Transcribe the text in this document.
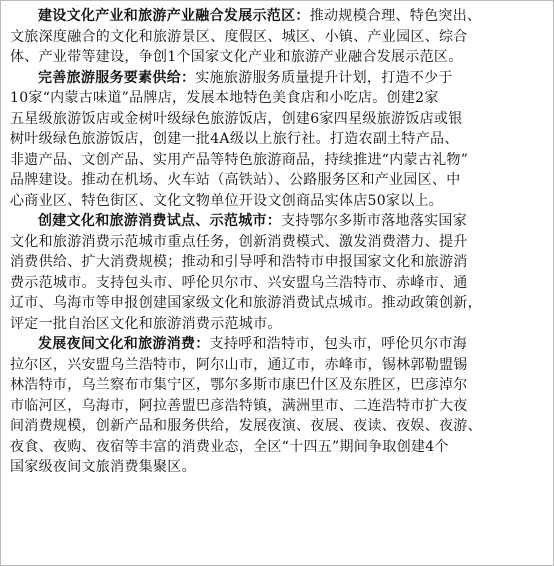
建设文化产业和旅游产业融合发展示范区：推动规模合理、特色突出、
文旅深度融合的文化和旅游景区、度假区、城区、小镇、产业园区、综合
体、产业带等建设，争创1个国家文化产业和旅游产业融合发展示范区。
完善旅游服务要素供给：实施旅游服务质量提升计划，打造不少于
10家“内蒙古味道”品牌店，发展本地特色美食店和小吃店。创建2家
五星级旅游饭店或金树叶级绿色旅游饭店，创建6家四星级旅游饭店或银
树叶级绿色旅游饭店，创建一批4A级以上旅行社。打造农副土特产品、
非遗产品、文创产品、实用产品等特色旅游商品，持续推进“内蒙古礼物”
品牌建设。推动在机场、火车站（高铁站）、公路服务区和产业园区、中
心商业区、特色街区、文化文物单位开设文创商品实体店50家以上。
创建文化和旅游消费试点、示范城市：支持鄂尔多斯市落地落实国家
文化和旅游消费示范城市重点任务，创新消费模式、激发消费潜力、提升
消费供给、扩大消费规模；推动和引导呼和浩特市申报国家文化和旅游消
费示范城市。支持包头市、呼伦贝尔市、兴安盟乌兰浩特市、赤峰市、通
辽市、乌海市等申报创建国家级文化和旅游消费试点城市。推动政策创新，
评定一批自治区文化和旅游消费示范城市。
发展夜间文化和旅游消费：支持呼和浩特市，包头市，呼伦贝尔市海
拉尔区，兴安盟乌兰浩特市，阿尔山市，通辽市，赤峰市，锡林郭勒盟锡
林浩特市，乌兰察布市集宁区，鄂尔多斯市康巴什区及东胜区，巴彦淖尔
市临河区，乌海市，阿拉善盟巴彦浩特镇，满洲里市、二连浩特市扩大夜
间消费规模，创新产品和服务供给，发展夜演、夜展、夜读、夜娱、夜游、
夜食、夜购、夜宿等丰富的消费业态，全区“十四五”期间争取创建4个
国家级夜间文旅消费集聚区。
